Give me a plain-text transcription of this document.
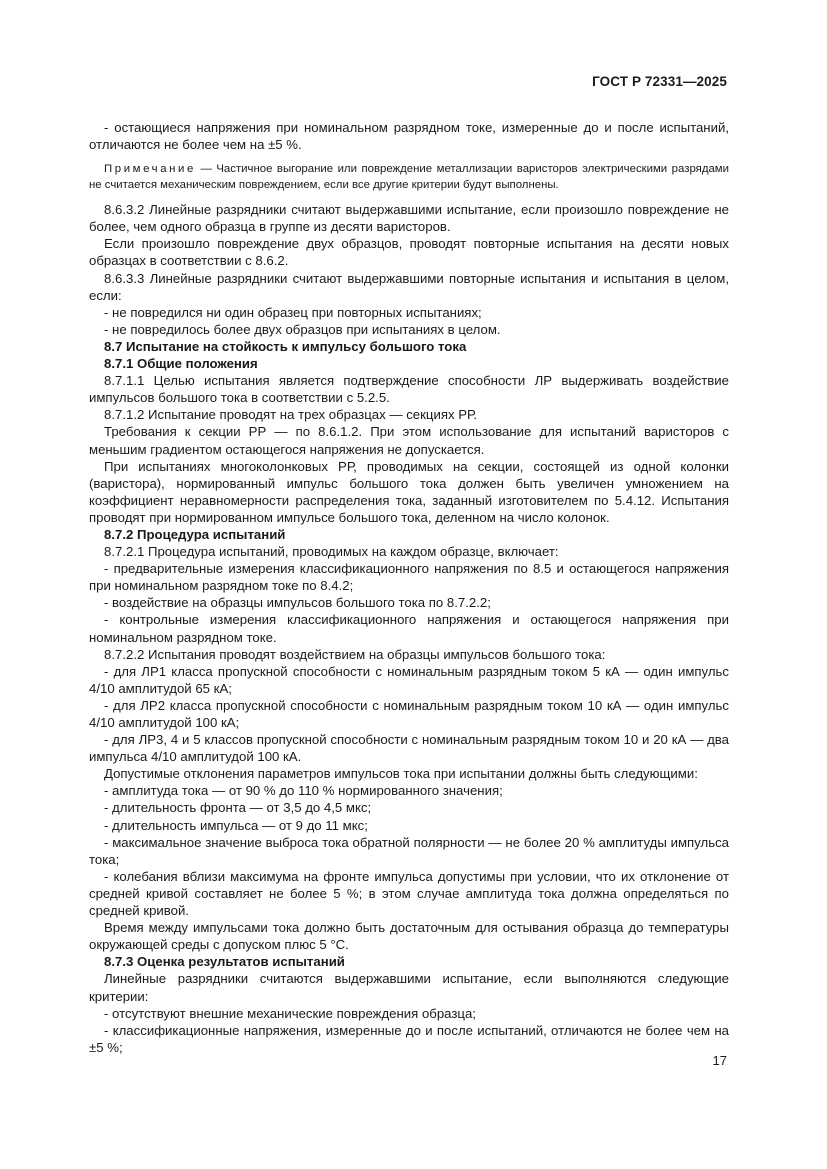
ГОСТ Р 72331—2025

- остающиеся напряжения при номинальном разрядном токе, измеренные до и после испытаний, отличаются не более чем на ±5 %.

Примечание — Частичное выгорание или повреждение металлизации варисторов электрическими разрядами не считается механическим повреждением, если все другие критерии будут выполнены.

8.6.3.2 Линейные разрядники считают выдержавшими испытание, если произошло повреждение не более, чем одного образца в группе из десяти варисторов.

Если произошло повреждение двух образцов, проводят повторные испытания на десяти новых образцах в соответствии с 8.6.2.

8.6.3.3 Линейные разрядники считают выдержавшими повторные испытания и испытания в целом, если:

- не повредился ни один образец при повторных испытаниях;

- не повредилось более двух образцов при испытаниях в целом.

8.7 Испытание на стойкость к импульсу большого тока

8.7.1 Общие положения

8.7.1.1 Целью испытания является подтверждение способности ЛР выдерживать воздействие импульсов большого тока в соответствии с 5.2.5.

8.7.1.2 Испытание проводят на трех образцах — секциях РР.

Требования к секции РР — по 8.6.1.2. При этом использование для испытаний варисторов с меньшим градиентом остающегося напряжения не допускается.

При испытаниях многоколонковых РР, проводимых на секции, состоящей из одной колонки (варистора), нормированный импульс большого тока должен быть увеличен умножением на коэффициент неравномерности распределения тока, заданный изготовителем по 5.4.12. Испытания проводят при нормированном импульсе большого тока, деленном на число колонок.

8.7.2 Процедура испытаний

8.7.2.1 Процедура испытаний, проводимых на каждом образце, включает:

- предварительные измерения классификационного напряжения по 8.5 и остающегося напряжения при номинальном разрядном токе по 8.4.2;

- воздействие на образцы импульсов большого тока по 8.7.2.2;

- контрольные измерения классификационного напряжения и остающегося напряжения при номинальном разрядном токе.

8.7.2.2 Испытания проводят воздействием на образцы импульсов большого тока:

- для ЛР1 класса пропускной способности с номинальным разрядным током 5 кА — один импульс 4/10 амплитудой 65 кА;

- для ЛР2 класса пропускной способности с номинальным разрядным током 10 кА — один импульс 4/10 амплитудой 100 кА;

- для ЛР3, 4 и 5 классов пропускной способности с номинальным разрядным током 10 и 20 кА — два импульса 4/10 амплитудой 100 кА.

Допустимые отклонения параметров импульсов тока при испытании должны быть следующими:

- амплитуда тока — от 90 % до 110 % нормированного значения;

- длительность фронта — от 3,5 до 4,5 мкс;

- длительность импульса — от 9 до 11 мкс;

- максимальное значение выброса тока обратной полярности — не более 20 % амплитуды импульса тока;

- колебания вблизи максимума на фронте импульса допустимы при условии, что их отклонение от средней кривой составляет не более 5 %; в этом случае амплитуда тока должна определяться по средней кривой.

Время между импульсами тока должно быть достаточным для остывания образца до температуры окружающей среды с допуском плюс 5 °С.

8.7.3 Оценка результатов испытаний

Линейные разрядники считаются выдержавшими испытание, если выполняются следующие критерии:

- отсутствуют внешние механические повреждения образца;

- классификационные напряжения, измеренные до и после испытаний, отличаются не более чем на ±5 %;

17
